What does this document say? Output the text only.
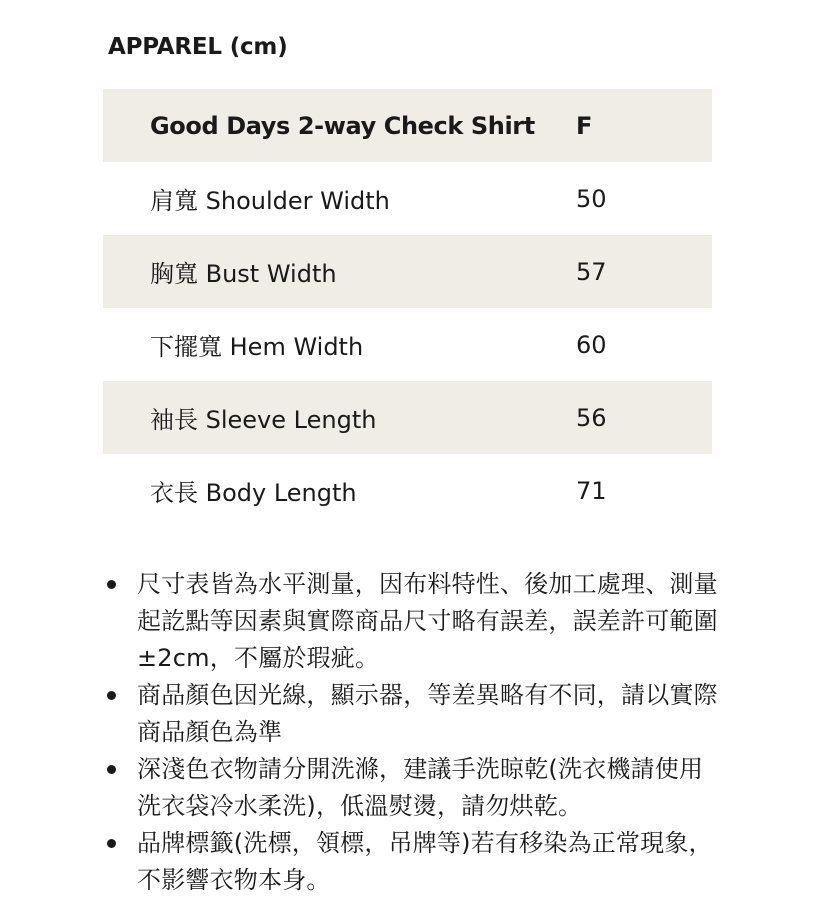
APPAREL (cm)
Good Days 2-way Check Shirt	F
肩寬 Shoulder Width	50
胸寬 Bust Width	57
下擺寬 Hem Width	60
袖長 Sleeve Length	56
衣長 Body Length	71
尺寸表皆為水平測量，因布料特性、後加工處理、測量起訖點等因素與實際商品尺寸略有誤差，誤差許可範圍±2cm，不屬於瑕疵。
商品顏色因光線，顯示器，等差異略有不同，請以實際商品顏色為準
深淺色衣物請分開洗滌，建議手洗晾乾(洗衣機請使用洗衣袋冷水柔洗)，低溫熨燙，請勿烘乾。
品牌標籤(洗標，領標，吊牌等)若有移染為正常現象，不影響衣物本身。
